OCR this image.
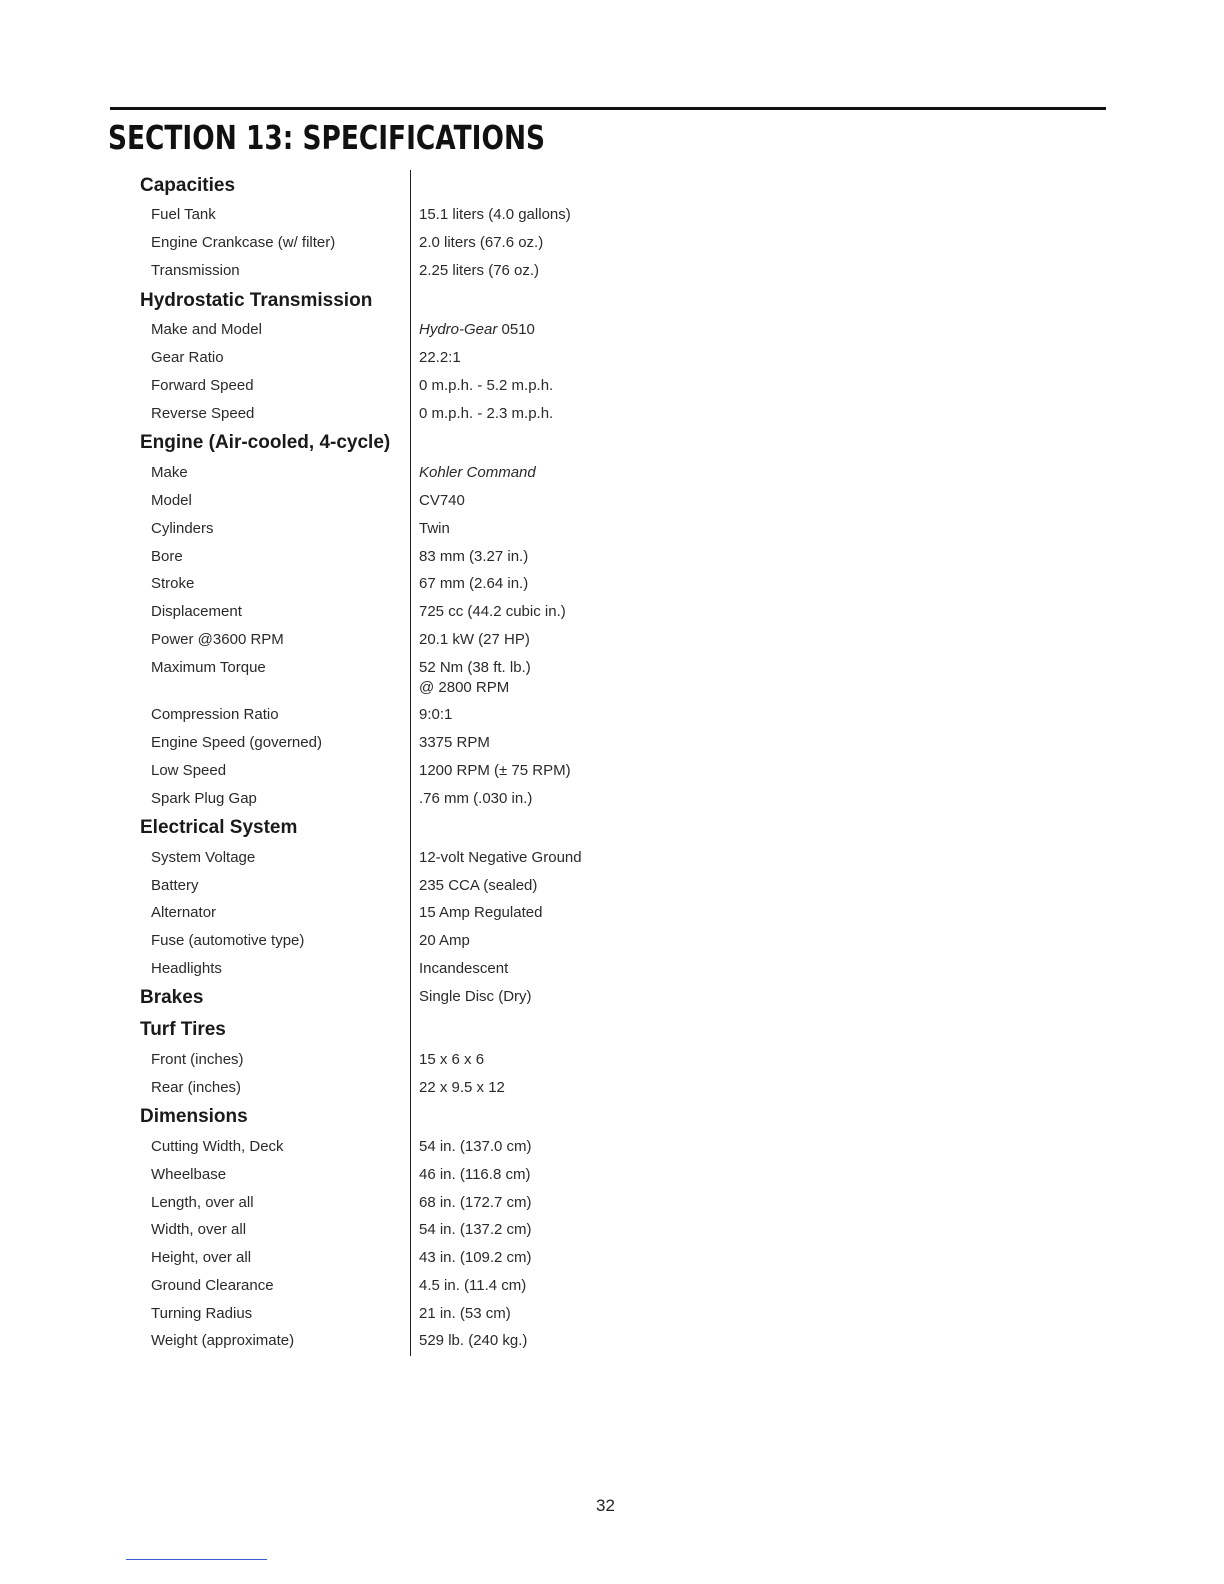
SECTION 13: SPECIFICATIONS
Capacities
Fuel Tank	15.1 liters (4.0 gallons)
Engine Crankcase (w/ filter)	2.0 liters (67.6 oz.)
Transmission	2.25 liters (76 oz.)
Hydrostatic Transmission
Make and Model	Hydro-Gear 0510
Gear Ratio	22.2:1
Forward Speed	0 m.p.h. - 5.2 m.p.h.
Reverse Speed	0 m.p.h. - 2.3 m.p.h.
Engine (Air-cooled, 4-cycle)
Make	Kohler Command
Model	CV740
Cylinders	Twin
Bore	83 mm (3.27 in.)
Stroke	67 mm (2.64 in.)
Displacement	725 cc (44.2 cubic in.)
Power @3600 RPM	20.1 kW (27 HP)
Maximum Torque	52 Nm (38 ft. lb.)
@ 2800 RPM
Compression Ratio	9:0:1
Engine Speed (governed)	3375 RPM
Low Speed	1200 RPM (± 75 RPM)
Spark Plug Gap	.76 mm (.030 in.)
Electrical System
System Voltage	12-volt Negative Ground
Battery	235 CCA (sealed)
Alternator	15 Amp Regulated
Fuse (automotive type)	20 Amp
Headlights	Incandescent
Brakes	Single Disc (Dry)
Turf Tires
Front (inches)	15 x 6 x 6
Rear (inches)	22 x 9.5 x 12
Dimensions
Cutting Width, Deck	54 in. (137.0 cm)
Wheelbase	46 in. (116.8 cm)
Length, over all	68 in. (172.7 cm)
Width, over all	54 in. (137.2 cm)
Height, over all	43 in. (109.2 cm)
Ground Clearance	4.5 in. (11.4 cm)
Turning Radius	21 in. (53 cm)
Weight (approximate)	529 lb. (240 kg.)
32
